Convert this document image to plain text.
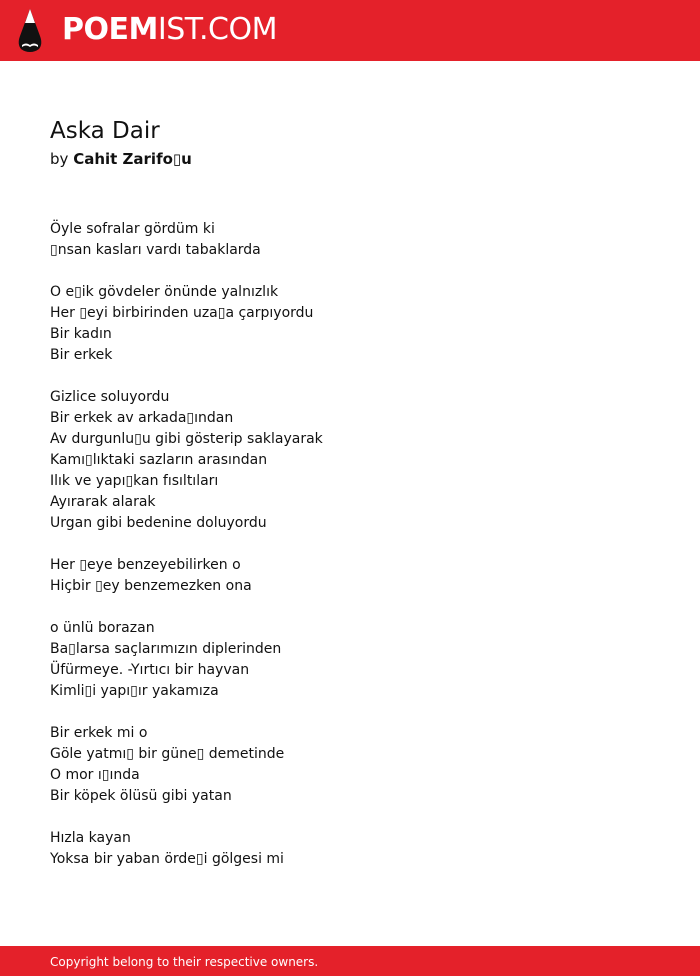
POEMIST.COM
Aska Dair
by Cahit Zarifo▯u
Öyle sofralar gördüm ki
▯nsan kasları vardı tabaklarda
O e▯ik gövdeler önünde yalnızlık
Her ▯eyi birbirinden uza▯a çarpıyordu
Bir kadın
Bir erkek
Gizlice soluyordu
Bir erkek av arkada▯ından
Av durgunlu▯u gibi gösterip saklayarak
Kamı▯lıktaki sazların arasından
Ilık ve yapı▯kan fısıltıları
Ayırarak alarak
Urgan gibi bedenine doluyordu
Her ▯eye benzeyebilirken o
Hiçbir ▯ey benzemezken ona
o ünlü borazan
Ba▯larsa saçlarımızın diplerinden
Üfürmeye. -Yırtıcı bir hayvan
Kimli▯i yapı▯ır yakamıza
Bir erkek mi o
Göle yatmı▯ bir güne▯ demetinde
O mor ı▯ında
Bir köpek ölüsü gibi yatan
Hızla kayan
Yoksa bir yaban örde▯i gölgesi mi
Copyright belong to their respective owners.
